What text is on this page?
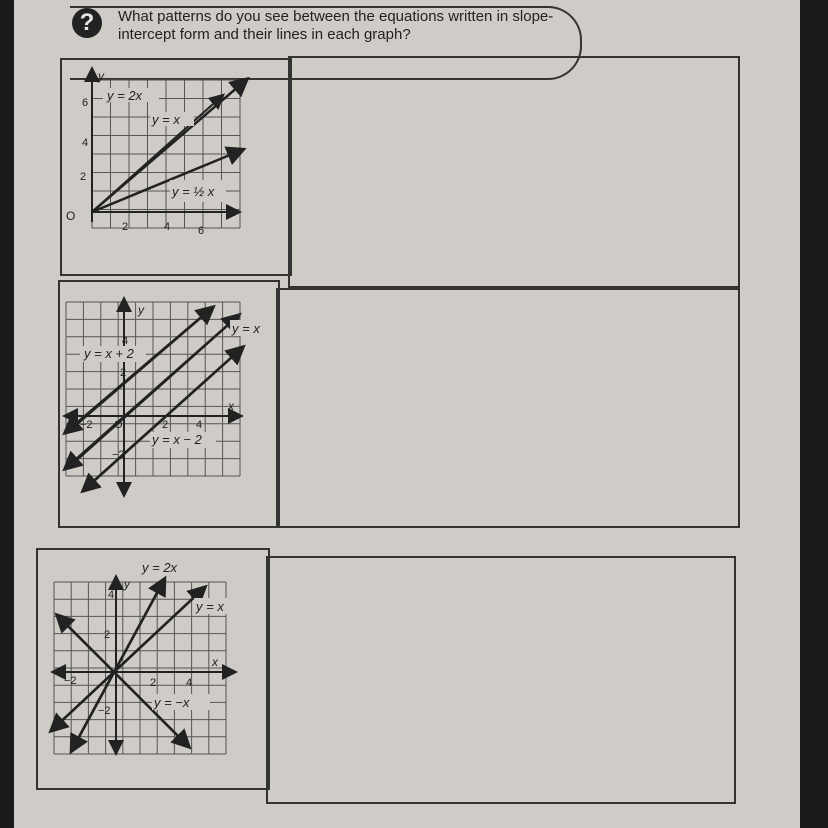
?	What patterns do you see between the equations written in slope-intercept form and their lines in each graph?
y = 2x
y = x
y = ½ x
y
x
O
2	4	6
2
4
6
y = x
y = x + 2
y = x − 2
y
x
O
−2	2	4
4
2
−2
y = 2x
y = x
y = −x
y
x
−2	2	4
4
2
−2
